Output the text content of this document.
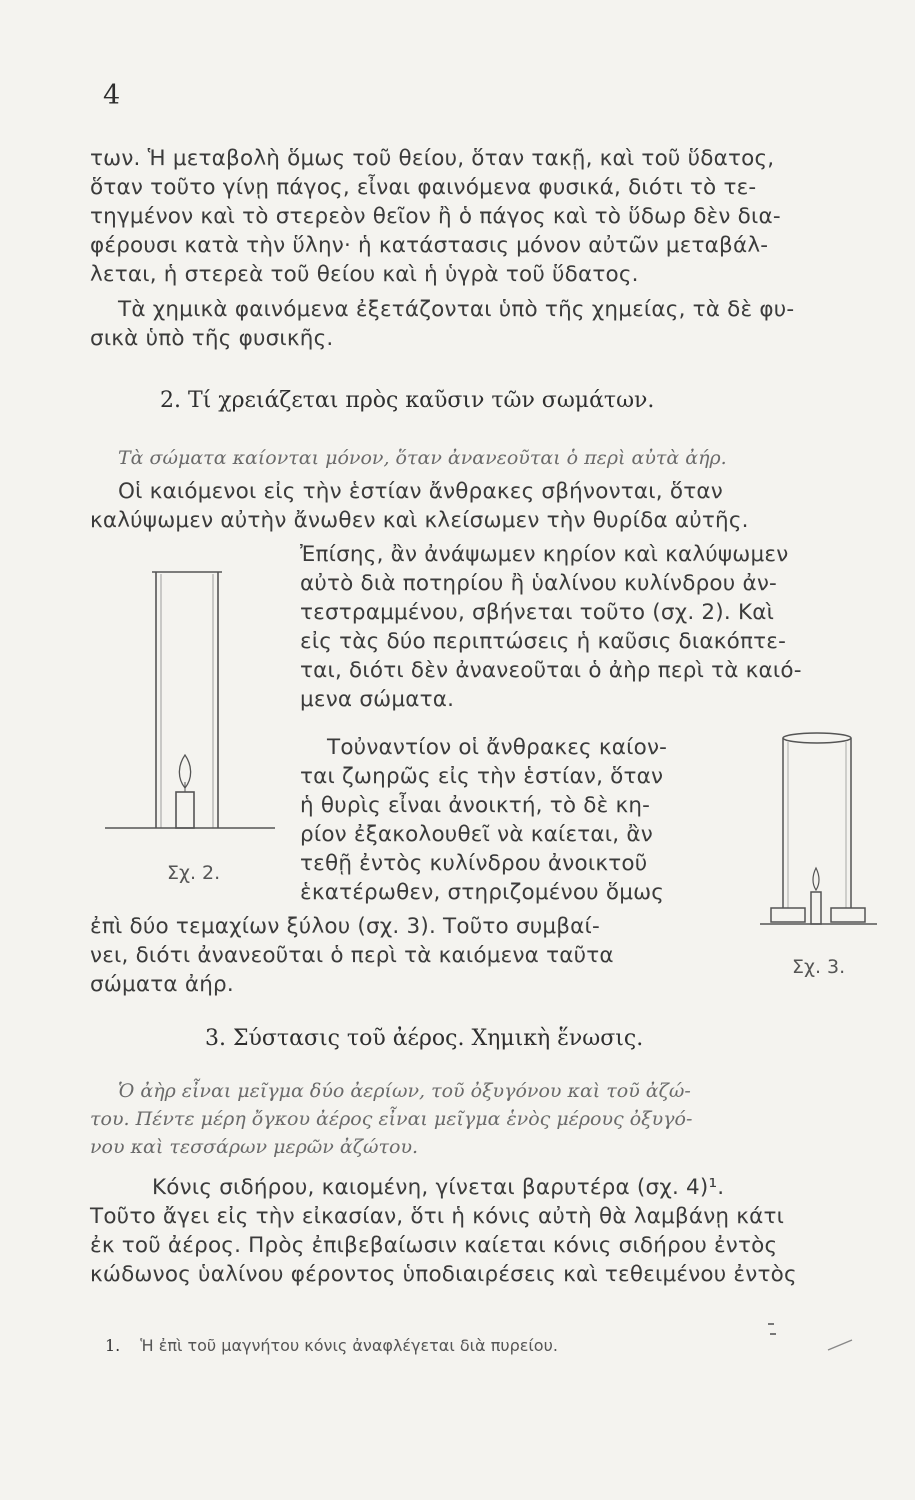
4
των. Ἡ μεταβολὴ ὅμως τοῦ θείου, ὅταν τακῇ, καὶ τοῦ ὕδατος,
ὅταν τοῦτο γίνῃ πάγος, εἶναι φαινόμενα φυσικά, διότι τὸ τε-
τηγμένον καὶ τὸ στερεὸν θεῖον ἢ ὁ πάγος καὶ τὸ ὕδωρ δὲν δια-
φέρουσι κατὰ τὴν ὕλην· ἡ κατάστασις μόνον αὐτῶν μεταβάλ-
λεται, ἡ στερεὰ τοῦ θείου καὶ ἡ ὑγρὰ τοῦ ὕδατος.
Τὰ χημικὰ φαινόμενα ἐξετάζονται ὑπὸ τῆς χημείας, τὰ δὲ φυ-
σικὰ ὑπὸ τῆς φυσικῆς.
2. Τί χρειάζεται πρὸς καῦσιν τῶν σωμάτων.
Τὰ σώματα καίονται μόνον, ὅταν ἀνανεοῦται ὁ περὶ αὐτὰ ἀήρ.
Οἱ καιόμενοι εἰς τὴν ἑστίαν ἄνθρακες σβήνονται, ὅταν
καλύψωμεν αὐτὴν ἄνωθεν καὶ κλείσωμεν τὴν θυρίδα αὐτῆς.
Ἐπίσης, ἂν ἀνάψωμεν κηρίον καὶ καλύψωμεν
αὐτὸ διὰ ποτηρίου ἢ ὑαλίνου κυλίνδρου ἀν-
τεστραμμένου, σβήνεται τοῦτο (σχ. 2). Καὶ
εἰς τὰς δύο περιπτώσεις ἡ καῦσις διακόπτε-
ται, διότι δὲν ἀνανεοῦται ὁ ἀὴρ περὶ τὰ καιό-
μενα σώματα.
Τοὐναντίον οἱ ἄνθρακες καίον-
ται ζωηρῶς εἰς τὴν ἑστίαν, ὅταν
ἡ θυρὶς εἶναι ἀνοικτή, τὸ δὲ κη-
ρίον ἐξακολουθεῖ νὰ καίεται, ἂν
τεθῇ ἐντὸς κυλίνδρου ἀνοικτοῦ
ἑκατέρωθεν, στηριζομένου ὅμως
ἐπὶ δύο τεμαχίων ξύλου (σχ. 3). Τοῦτο συμβαί-
νει, διότι ἀνανεοῦται ὁ περὶ τὰ καιόμενα ταῦτα
σώματα ἀήρ.
Σχ. 2.
Σχ. 3.
3. Σύστασις τοῦ ἀέρος. Χημικὴ ἕνωσις.
Ὁ ἀὴρ εἶναι μεῖγμα δύο ἀερίων, τοῦ ὀξυγόνου καὶ τοῦ ἀζώ-
του. Πέντε μέρη ὄγκου ἀέρος εἶναι μεῖγμα ἑνὸς μέρους ὀξυγό-
νου καὶ τεσσάρων μερῶν ἀζώτου.
Κόνις σιδήρου, καιομένη, γίνεται βαρυτέρα (σχ. 4)¹.
Τοῦτο ἄγει εἰς τὴν εἰκασίαν, ὅτι ἡ κόνις αὐτὴ θὰ λαμβάνῃ κάτι
ἐκ τοῦ ἀέρος. Πρὸς ἐπιβεβαίωσιν καίεται κόνις σιδήρου ἐντὸς
κώδωνος ὑαλίνου φέροντος ὑποδιαιρέσεις καὶ τεθειμένου ἐντὸς
1. Ἡ ἐπὶ τοῦ μαγνήτου κόνις ἀναφλέγεται διὰ πυρείου.
